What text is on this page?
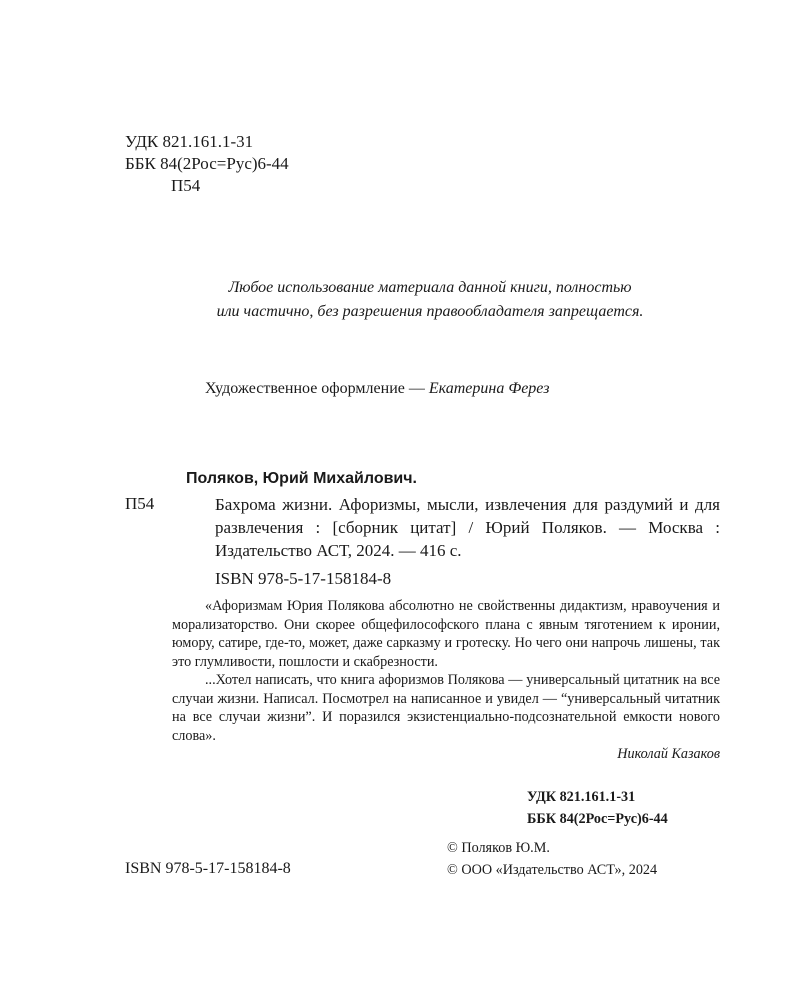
УДК 821.161.1-31
ББК 84(2Рос=Рус)6-44
П54
Любое использование материала данной книги, полностью
или частично, без разрешения правообладателя запрещается.
Художественное оформление — Екатерина Ферез
Поляков, Юрий Михайлович.
П54	Бахрома жизни. Афоризмы, мысли, извлечения для раздумий и для развлечения : [сборник цитат] / Юрий Поляков. — Москва : Издательство АСТ, 2024. — 416 с.
ISBN 978-5-17-158184-8

«Афоризмам Юрия Полякова абсолютно не свойственны дидактизм, нравоучения и морализаторство. Они скорее общефилософского плана с явным тяготением к иронии, юмору, сатире, где-то, может, даже сарказму и гротеску. Но чего они напрочь лишены, так это глумливости, пошлости и скабрезности.

...Хотел написать, что книга афоризмов Полякова — универсальный цитатник на все случаи жизни. Написал. Посмотрел на написанное и увидел — “универсальный читатник на все случаи жизни”. И поразился экзистенциально-подсознательной емкости нового слова».

Николай Казаков
УДК 821.161.1-31
ББК 84(2Рос=Рус)6-44
ISBN 978-5-17-158184-8
© Поляков Ю.М.
© ООО «Издательство АСТ», 2024
